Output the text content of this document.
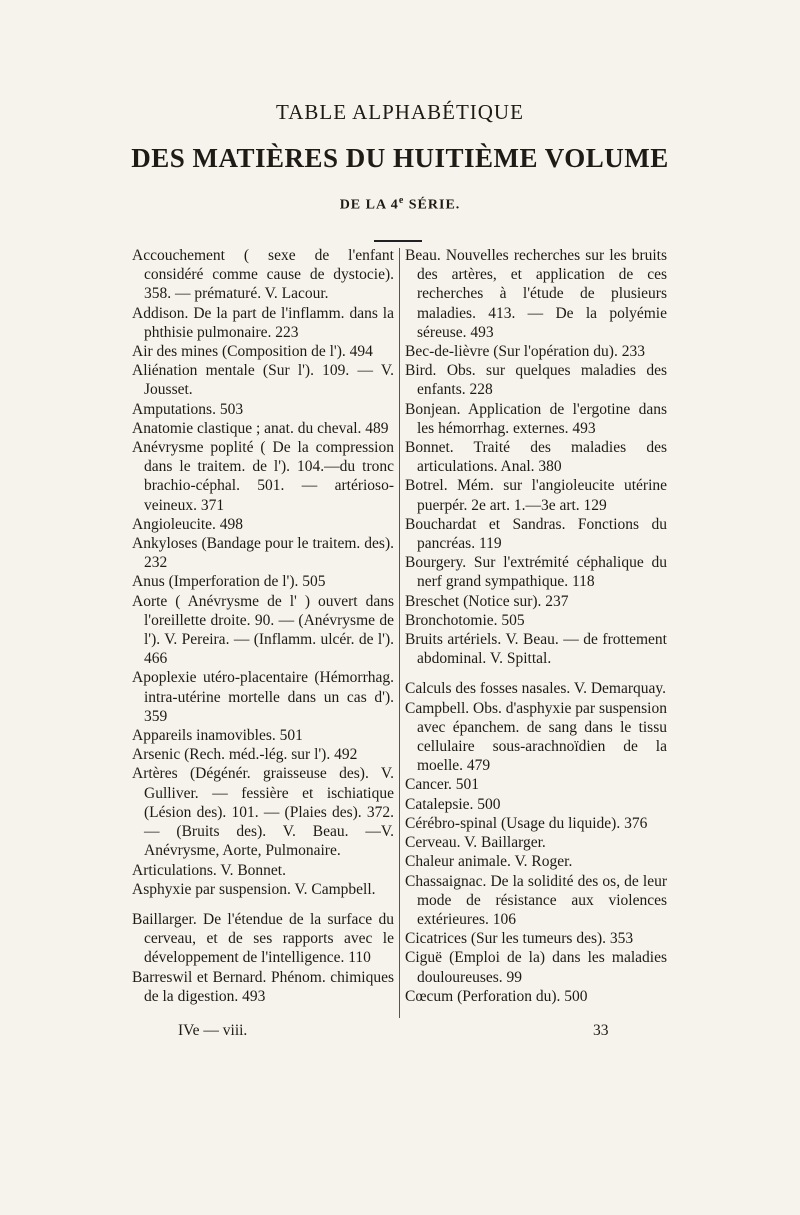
TABLE ALPHABÉTIQUE
DES MATIÈRES DU HUITIÈME VOLUME
DE LA 4e SÉRIE.
Accouchement ( sexe de l'enfant considéré comme cause de dystocie). 358. — prématuré. V. Lacour.
Addison. De la part de l'inflamm. dans la phthisie pulmonaire. 223
Air des mines (Composition de l'). 494
Aliénation mentale (Sur l'). 109. — V. Jousset.
Amputations. 503
Anatomie clastique ; anat. du cheval. 489
Anévrysme poplité ( De la compression dans le traitem. de l'). 104.—du tronc brachio-céphal. 501. — artérioso-veineux. 371
Angioleucite. 498
Ankyloses (Bandage pour le traitem. des). 232
Anus (Imperforation de l'). 505
Aorte ( Anévrysme de l' ) ouvert dans l'oreillette droite. 90. — (Anévrysme de l'). V. Pereira. — (Inflamm. ulcér. de l'). 466
Apoplexie utéro-placentaire (Hémorrhag. intra-utérine mortelle dans un cas d'). 359
Appareils inamovibles. 501
Arsenic (Rech. méd.-lég. sur l'). 492
Artères (Dégénér. graisseuse des). V. Gulliver. — fessière et ischiatique (Lésion des). 101. — (Plaies des). 372. — (Bruits des). V. Beau. —V. Anévrysme, Aorte, Pulmonaire.
Articulations. V. Bonnet.
Asphyxie par suspension. V. Campbell.
Baillarger. De l'étendue de la surface du cerveau, et de ses rapports avec le développement de l'intelligence. 110
Barreswil et Bernard. Phénom. chimiques de la digestion. 493
Beau. Nouvelles recherches sur les bruits des artères, et application de ces recherches à l'étude de plusieurs maladies. 413. — De la polyémie séreuse. 493
Bec-de-lièvre (Sur l'opération du). 233
Bird. Obs. sur quelques maladies des enfants. 228
Bonjean. Application de l'ergotine dans les hémorrhag. externes. 493
Bonnet. Traité des maladies des articulations. Anal. 380
Botrel. Mém. sur l'angioleucite utérine puerpér. 2e art. 1.—3e art. 129
Bouchardat et Sandras. Fonctions du pancréas. 119
Bourgery. Sur l'extrémité céphalique du nerf grand sympathique. 118
Breschet (Notice sur). 237
Bronchotomie. 505
Bruits artériels. V. Beau. — de frottement abdominal. V. Spittal.
Calculs des fosses nasales. V. Demarquay.
Campbell. Obs. d'asphyxie par suspension avec épanchem. de sang dans le tissu cellulaire sous-arachnoïdien de la moelle. 479
Cancer. 501
Catalepsie. 500
Cérébro-spinal (Usage du liquide). 376
Cerveau. V. Baillarger.
Chaleur animale. V. Roger.
Chassaignac. De la solidité des os, de leur mode de résistance aux violences extérieures. 106
Cicatrices (Sur les tumeurs des). 353
Ciguë (Emploi de la) dans les maladies douloureuses. 99
Cœcum (Perforation du). 500
IVe — viii.	33
